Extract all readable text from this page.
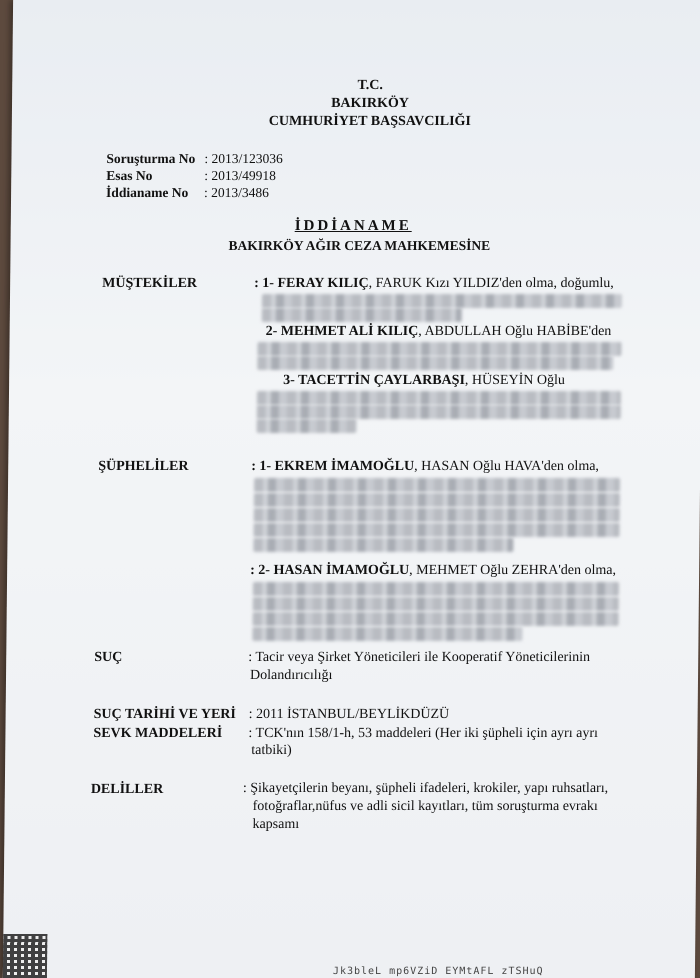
T.C.
BAKIRKÖY
CUMHURİYET BAŞSAVCILIĞI
Soruşturma No : 2013/123036
Esas No	: 2013/49918
İddianame No : 2013/3486
İDDİANAME
BAKIRKÖY AĞIR CEZA MAHKEMESİNE
MÜŞTEKİLER	: 1- FERAY KILIÇ, FARUK Kızı YILDIZ'den olma, doğumlu,
2- MEHMET ALİ KILIÇ, ABDULLAH Oğlu HABİBE'den
3- TACETTİN ÇAYLARBAŞI, HÜSEYİN Oğlu
ŞÜPHELİLER	: 1- EKREM İMAMOĞLU, HASAN Oğlu HAVA'den olma,
: 2- HASAN İMAMOĞLU, MEHMET Oğlu ZEHRA'den olma,
SUÇ	: Tacir veya Şirket Yöneticileri ile Kooperatif Yöneticilerinin
Dolandırıcılığı
SUÇ TARİHİ VE YERİ : 2011 İSTANBUL/BEYLİKDÜZÜ
SEVK MADDELERİ : TCK'nın 158/1-h, 53 maddeleri (Her iki şüpheli için ayrı ayrı
tatbiki)
DELİLLER	: Şikayetçilerin beyanı, şüpheli ifadeleri, krokiler, yapı ruhsatları,
fotoğraflar,nüfus ve adli sicil kayıtları, tüm soruşturma evrakı
kapsamı
Jk3bleL mp6VZiD EYMtAFL zTSHuQ
